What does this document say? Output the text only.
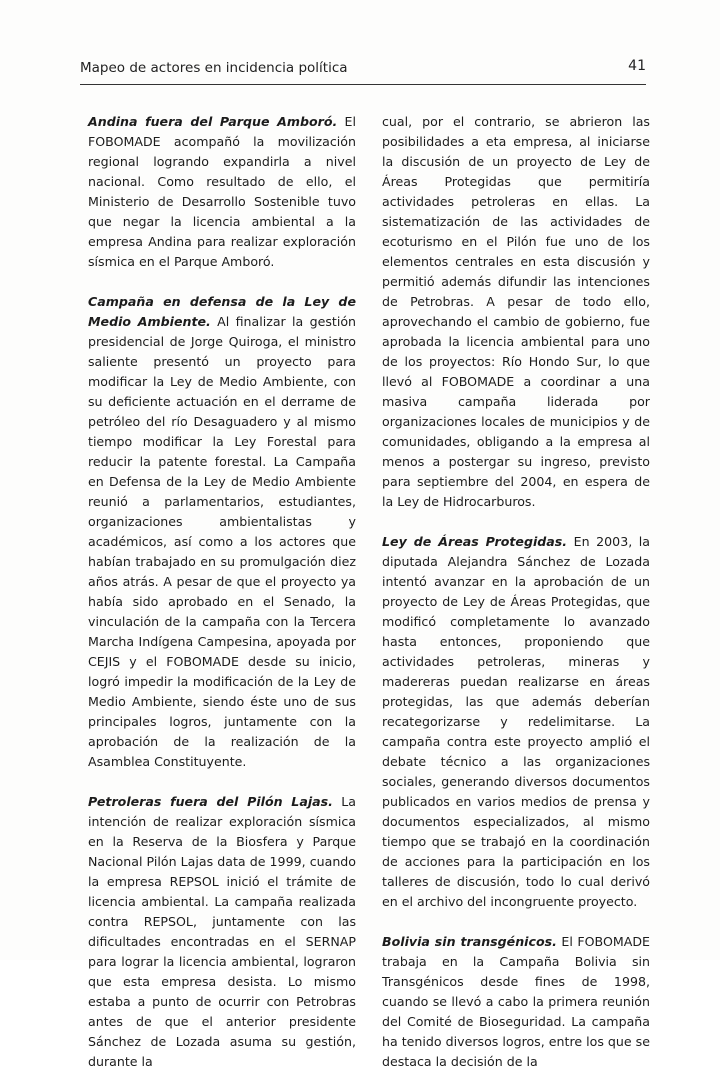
Mapeo de actores en incidencia política	41

Andina fuera del Parque Amboró. El FOBOMADE acompañó la movilización regional logrando expandirla a nivel nacional. Como resultado de ello, el Ministerio de Desarrollo Sostenible tuvo que negar la licencia ambiental a la empresa Andina para realizar exploración sísmica en el Parque Amboró.

Campaña en defensa de la Ley de Medio Ambiente. Al finalizar la gestión presidencial de Jorge Quiroga, el ministro saliente presentó un proyecto para modificar la Ley de Medio Ambiente, con su deficiente actuación en el derrame de petróleo del río Desaguadero y al mismo tiempo modificar la Ley Forestal para reducir la patente forestal. La Campaña en Defensa de la Ley de Medio Ambiente reunió a parlamentarios, estudiantes, organizaciones ambientalistas y académicos, así como a los actores que habían trabajado en su promulgación diez años atrás. A pesar de que el proyecto ya había sido aprobado en el Senado, la vinculación de la campaña con la Tercera Marcha Indígena Campesina, apoyada por CEJIS y el FOBOMADE desde su inicio, logró impedir la modificación de la Ley de Medio Ambiente, siendo éste uno de sus principales logros, juntamente con la aprobación de la realización de la Asamblea Constituyente.

Petroleras fuera del Pilón Lajas. La intención de realizar exploración sísmica en la Reserva de la Biosfera y Parque Nacional Pilón Lajas data de 1999, cuando la empresa REPSOL inició el trámite de licencia ambiental. La campaña realizada contra REPSOL, juntamente con las dificultades encontradas en el SERNAP para lograr la licencia ambiental, lograron que esta empresa desista. Lo mismo estaba a punto de ocurrir con Petrobras antes de que el anterior presidente Sánchez de Lozada asuma su gestión, durante la

cual, por el contrario, se abrieron las posibilidades a eta empresa, al iniciarse la discusión de un proyecto de Ley de Áreas Protegidas que permitiría actividades petroleras en ellas. La sistematización de las actividades de ecoturismo en el Pilón fue uno de los elementos centrales en esta discusión y permitió además difundir las intenciones de Petrobras. A pesar de todo ello, aprovechando el cambio de gobierno, fue aprobada la licencia ambiental para uno de los proyectos: Río Hondo Sur, lo que llevó al FOBOMADE a coordinar a una masiva campaña liderada por organizaciones locales de municipios y de comunidades, obligando a la empresa al menos a postergar su ingreso, previsto para septiembre del 2004, en espera de la Ley de Hidrocarburos.

Ley de Áreas Protegidas. En 2003, la diputada Alejandra Sánchez de Lozada intentó avanzar en la aprobación de un proyecto de Ley de Áreas Protegidas, que modificó completamente lo avanzado hasta entonces, proponiendo que actividades petroleras, mineras y madereras puedan realizarse en áreas protegidas, las que además deberían recategorizarse y redelimitarse. La campaña contra este proyecto amplió el debate técnico a las organizaciones sociales, generando diversos documentos publicados en varios medios de prensa y documentos especializados, al mismo tiempo que se trabajó en la coordinación de acciones para la participación en los talleres de discusión, todo lo cual derivó en el archivo del incongruente proyecto.

Bolivia sin transgénicos. El FOBOMADE trabaja en la Campaña Bolivia sin Transgénicos desde fines de 1998, cuando se llevó a cabo la primera reunión del Comité de Bioseguridad. La campaña ha tenido diversos logros, entre los que se destaca la decisión de la
